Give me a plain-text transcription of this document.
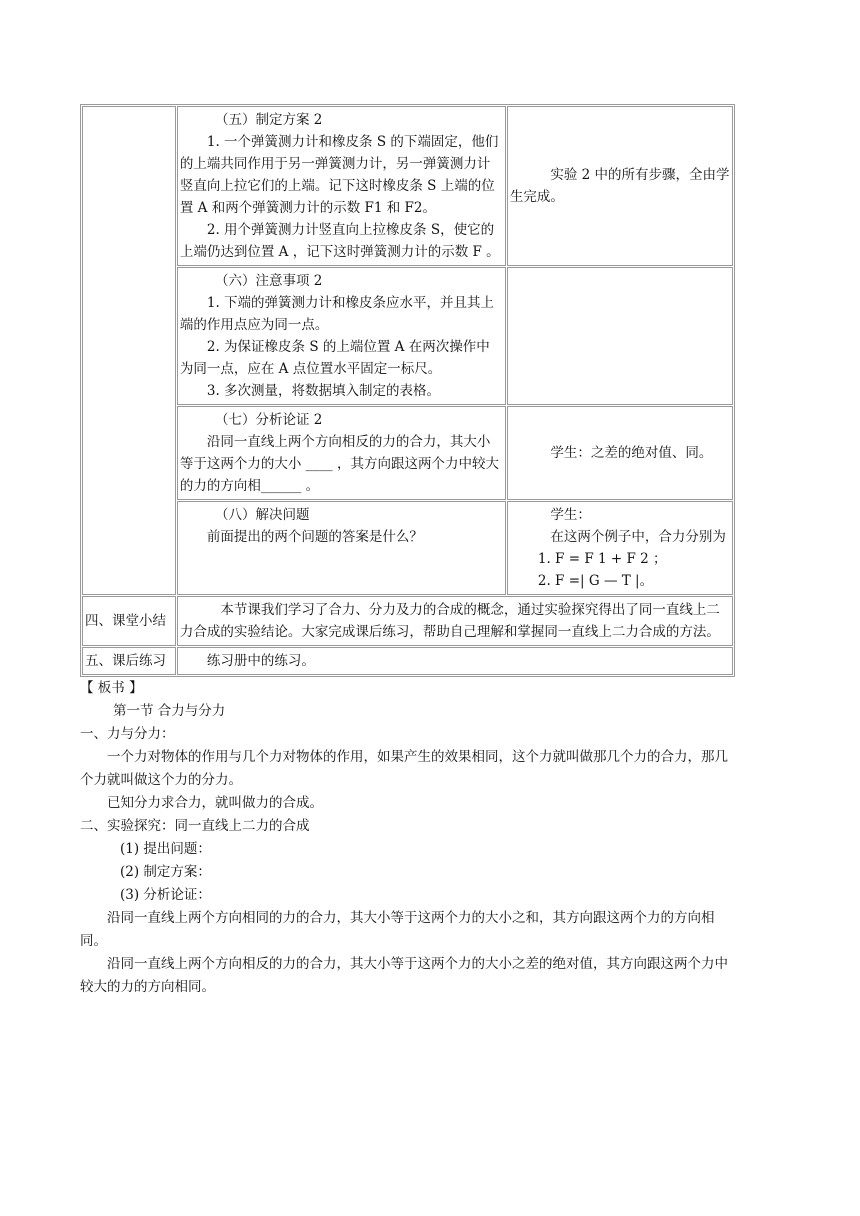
	（五）制定方案 2
1. 一个弹簧测力计和橡皮条 S 的下端固定，他们的上端共同作用于另一弹簧测力计，另一弹簧测力计竖直向上拉它们的上端。记下这时橡皮条 S 上端的位置 A 和两个弹簧测力计的示数 F1 和 F2。
2. 用个弹簧测力计竖直向上拉橡皮条 S，使它的上端仍达到位置 A ，记下这时弹簧测力计的示数 F 。	实验 2 中的所有步骤，全由学生完成。

	（六）注意事项 2
1. 下端的弹簧测力计和橡皮条应水平，并且其上端的作用点应为同一点。
2. 为保证橡皮条 S 的上端位置 A 在两次操作中为同一点，应在 A 点位置水平固定一标尺。
3. 多次测量，将数据填入制定的表格。	

	（七）分析论证 2
沿同一直线上两个方向相反的力的合力，其大小等于这两个力的大小 ____ ，其方向跟这两个力中较大的力的方向相______ 。	学生：之差的绝对值、同。

	（八）解决问题
前面提出的两个问题的答案是什么？	学生：
在这两个例子中，合力分别为
1. F = F 1 + F 2 ；
2. F =| G — T |。

四、课堂小结	本节课我们学习了合力、分力及力的合成的概念，通过实验探究得出了同一直线上二力合成的实验结论。大家完成课后练习，帮助自己理解和掌握同一直线上二力合成的方法。	

五、课后练习	练习册中的练习。	
【 板书 】
第一节 合力与分力
一、力与分力：
一个力对物体的作用与几个力对物体的作用，如果产生的效果相同，这个力就叫做那几个力的合力，那几个力就叫做这个力的分力。
已知分力求合力，就叫做力的合成。
二、实验探究：同一直线上二力的合成
(1) 提出问题：
(2) 制定方案：
(3) 分析论证：
沿同一直线上两个方向相同的力的合力，其大小等于这两个力的大小之和，其方向跟这两个力的方向相同。
沿同一直线上两个方向相反的力的合力，其大小等于这两个力的大小之差的绝对值，其方向跟这两个力中较大的力的方向相同。
